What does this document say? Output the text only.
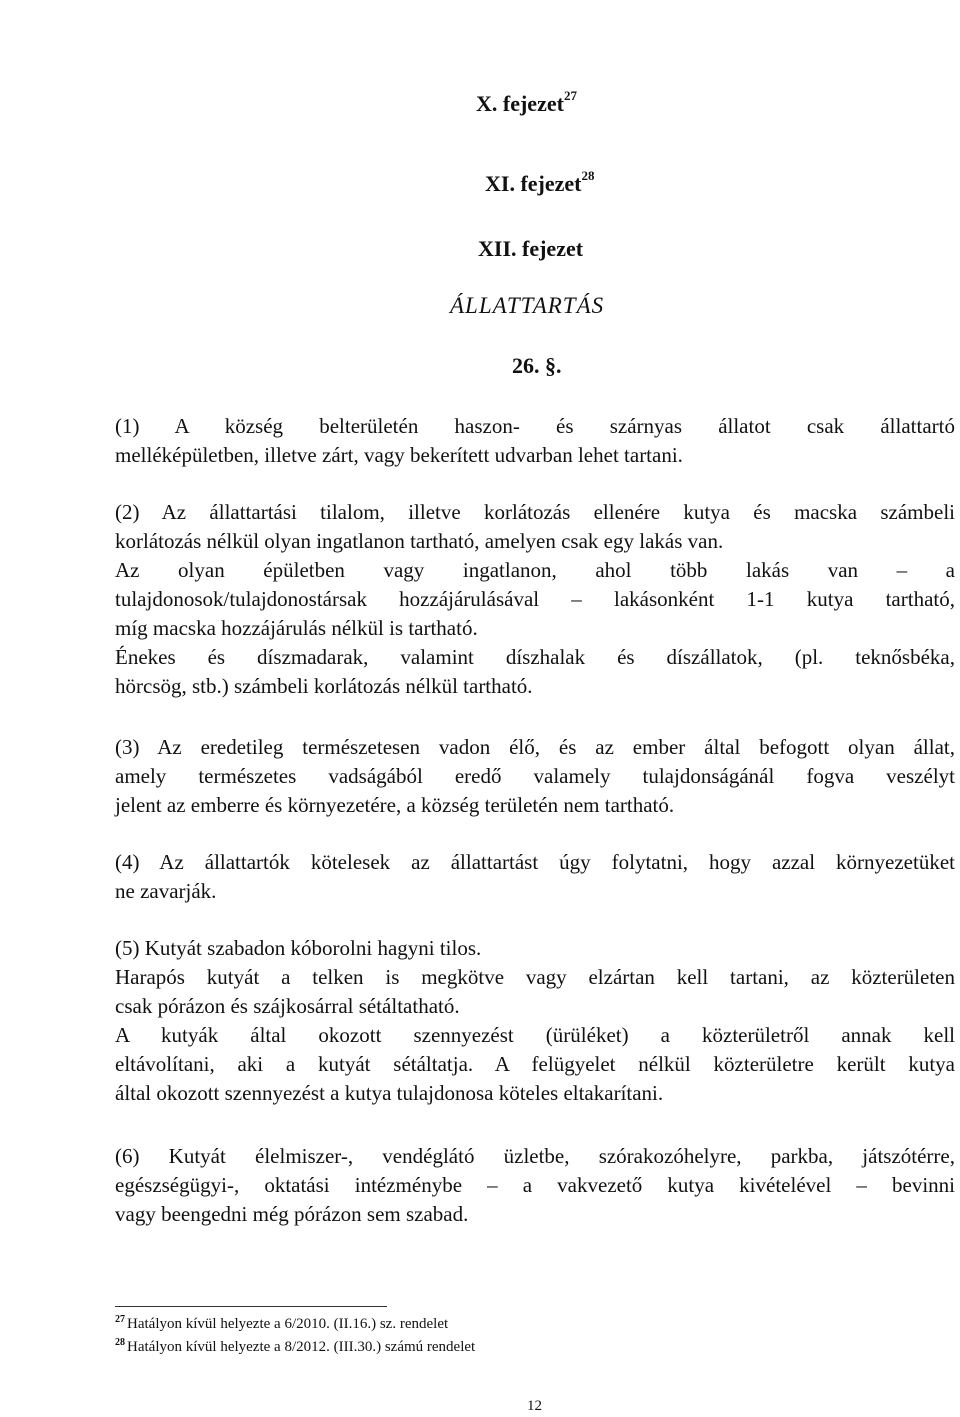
X. fejezet$^{27}$
XI. fejezet$^{28}$
XII. fejezet
ÁLLATTARTÁS
26. §.
(1) A község belterületén haszon- és szárnyas állatot csak állattartó
melléképületben, illetve zárt, vagy bekerített udvarban lehet tartani.
(2) Az állattartási tilalom, illetve korlátozás ellenére kutya és macska számbeli
korlátozás nélkül olyan ingatlanon tartható, amelyen csak egy lakás van.
Az olyan épületben vagy ingatlanon, ahol több lakás van – a
tulajdonosok/tulajdonostársak hozzájárulásával – lakásonként 1-1 kutya tartható,
míg macska hozzájárulás nélkül is tartható.
Énekes és díszmadarak, valamint díszhalak és díszállatok, (pl. teknősbéka,
hörcsög, stb.) számbeli korlátozás nélkül tartható.
(3) Az eredetileg természetesen vadon élő, és az ember által befogott olyan állat,
amely természetes vadságából eredő valamely tulajdonságánál fogva veszélyt
jelent az emberre és környezetére, a község területén nem tartható.
(4) Az állattartók kötelesek az állattartást úgy folytatni, hogy azzal környezetüket
ne zavarják.
(5) Kutyát szabadon kóborolni hagyni tilos.
Harapós kutyát a telken is megkötve vagy elzártan kell tartani, az közterületen
csak pórázon és szájkosárral sétáltatható.
A kutyák által okozott szennyezést (ürüléket) a közterületről annak kell
eltávolítani, aki a kutyát sétáltatja. A felügyelet nélkül közterületre került kutya
által okozott szennyezést a kutya tulajdonosa köteles eltakarítani.
(6) Kutyát élelmiszer-, vendéglátó üzletbe, szórakozóhelyre, parkba, játszótérre,
egészségügyi-, oktatási intézménybe – a vakvezető kutya kivételével – bevinni
vagy beengedni még pórázon sem szabad.
$^{27}$ Hatályon kívül helyezte a 6/2010. (II.16.) sz. rendelet
$^{28}$ Hatályon kívül helyezte a 8/2012. (III.30.) számú rendelet
12
